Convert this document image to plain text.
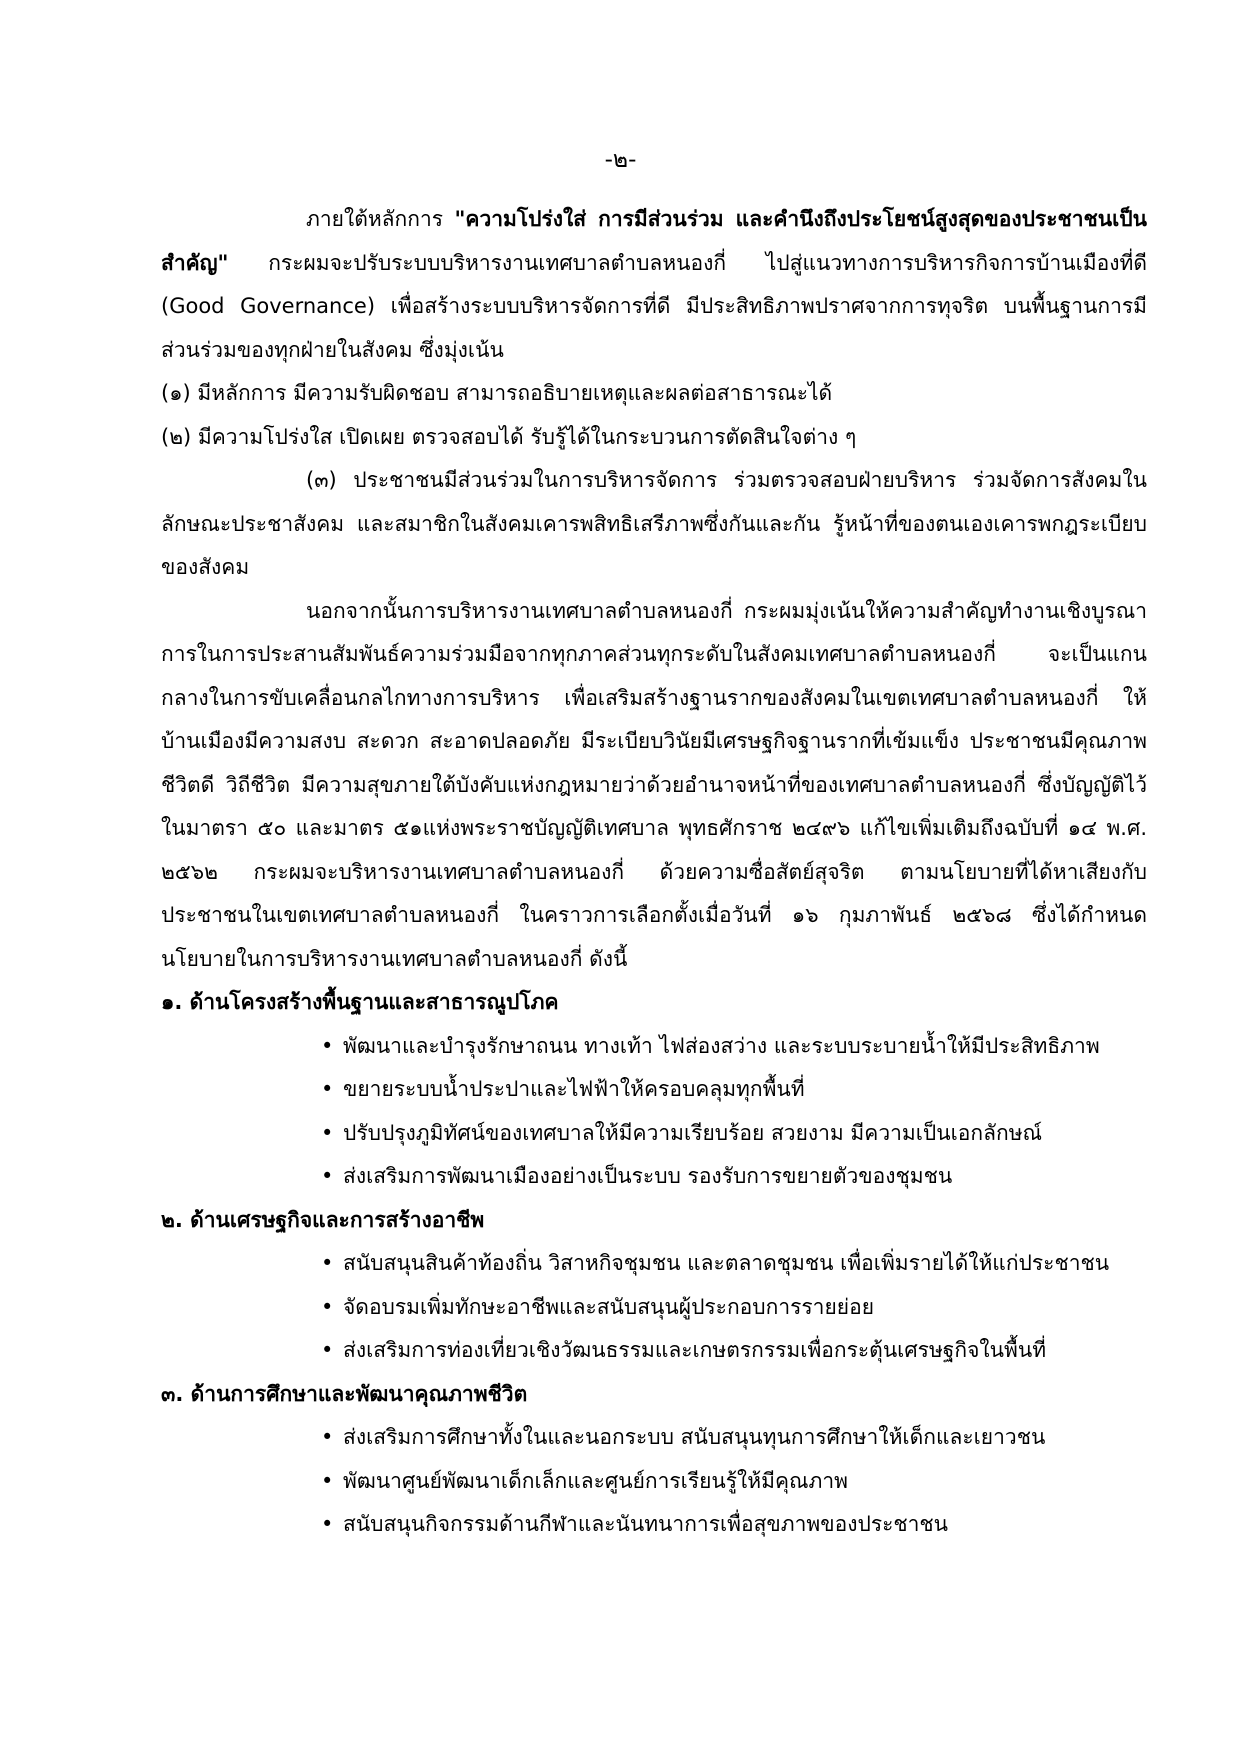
-๒-

ภายใต้หลักการ "ความโปร่งใส่ การมีส่วนร่วม และคำนึงถึงประโยชน์สูงสุดของประชาชนเป็นสำคัญ" กระผมจะปรับระบบบริหารงานเทศบาลตำบลหนองกี่ ไปสู่แนวทางการบริหารกิจการบ้านเมืองที่ดี (Good Governance) เพื่อสร้างระบบบริหารจัดการที่ดี มีประสิทธิภาพปราศจากการทุจริต บนพื้นฐานการมีส่วนร่วมของทุกฝ่ายในสังคม ซึ่งมุ่งเน้น

(๑) มีหลักการ มีความรับผิดชอบ สามารถอธิบายเหตุและผลต่อสาธารณะได้

(๒) มีความโปร่งใส เปิดเผย ตรวจสอบได้ รับรู้ได้ในกระบวนการตัดสินใจต่าง ๆ

(๓) ประชาชนมีส่วนร่วมในการบริหารจัดการ ร่วมตรวจสอบฝ่ายบริหาร ร่วมจัดการสังคมในลักษณะประชาสังคม และสมาชิกในสังคมเคารพสิทธิเสรีภาพซึ่งกันและกัน รู้หน้าที่ของตนเองเคารพกฎระเบียบของสังคม

นอกจากนั้นการบริหารงานเทศบาลตำบลหนองกี่ กระผมมุ่งเน้นให้ความสำคัญทำงานเชิงบูรณาการในการประสานสัมพันธ์ความร่วมมือจากทุกภาคส่วนทุกระดับในสังคมเทศบาลตำบลหนองกี่ จะเป็นแกนกลางในการขับเคลื่อนกลไกทางการบริหาร เพื่อเสริมสร้างฐานรากของสังคมในเขตเทศบาลตำบลหนองกี่ ให้บ้านเมืองมีความสงบ สะดวก สะอาดปลอดภัย มีระเบียบวินัยมีเศรษฐกิจฐานรากที่เข้มแข็ง ประชาชนมีคุณภาพชีวิตดี วิถีชีวิต มีความสุขภายใต้บังคับแห่งกฎหมายว่าด้วยอำนาจหน้าที่ของเทศบาลตำบลหนองกี่ ซึ่งบัญญัติไว้ในมาตรา ๕๐ และมาตร ๕๑แห่งพระราชบัญญัติเทศบาล พุทธศักราช ๒๔๙๖ แก้ไขเพิ่มเติมถึงฉบับที่ ๑๔ พ.ศ. ๒๕๖๒ กระผมจะบริหารงานเทศบาลตำบลหนองกี่ ด้วยความซื่อสัตย์สุจริต ตามนโยบายที่ได้หาเสียงกับประชาชนในเขตเทศบาลตำบลหนองกี่ ในคราวการเลือกตั้งเมื่อวันที่ ๑๖ กุมภาพันธ์ ๒๕๖๘ ซึ่งได้กำหนดนโยบายในการบริหารงานเทศบาลตำบลหนองกี่ ดังนี้

๑. ด้านโครงสร้างพื้นฐานและสาธารณูปโภค

• พัฒนาและบำรุงรักษาถนน ทางเท้า ไฟส่องสว่าง และระบบระบายน้ำให้มีประสิทธิภาพ
• ขยายระบบน้ำประปาและไฟฟ้าให้ครอบคลุมทุกพื้นที่
• ปรับปรุงภูมิทัศน์ของเทศบาลให้มีความเรียบร้อย สวยงาม มีความเป็นเอกลักษณ์
• ส่งเสริมการพัฒนาเมืองอย่างเป็นระบบ รองรับการขยายตัวของชุมชน

๒. ด้านเศรษฐกิจและการสร้างอาชีพ

• สนับสนุนสินค้าท้องถิ่น วิสาหกิจชุมชน และตลาดชุมชน เพื่อเพิ่มรายได้ให้แก่ประชาชน
• จัดอบรมเพิ่มทักษะอาชีพและสนับสนุนผู้ประกอบการรายย่อย
• ส่งเสริมการท่องเที่ยวเชิงวัฒนธรรมและเกษตรกรรมเพื่อกระตุ้นเศรษฐกิจในพื้นที่

๓. ด้านการศึกษาและพัฒนาคุณภาพชีวิต

• ส่งเสริมการศึกษาทั้งในและนอกระบบ สนับสนุนทุนการศึกษาให้เด็กและเยาวชน
• พัฒนาศูนย์พัฒนาเด็กเล็กและศูนย์การเรียนรู้ให้มีคุณภาพ
• สนับสนุนกิจกรรมด้านกีฬาและนันทนาการเพื่อสุขภาพของประชาชน
